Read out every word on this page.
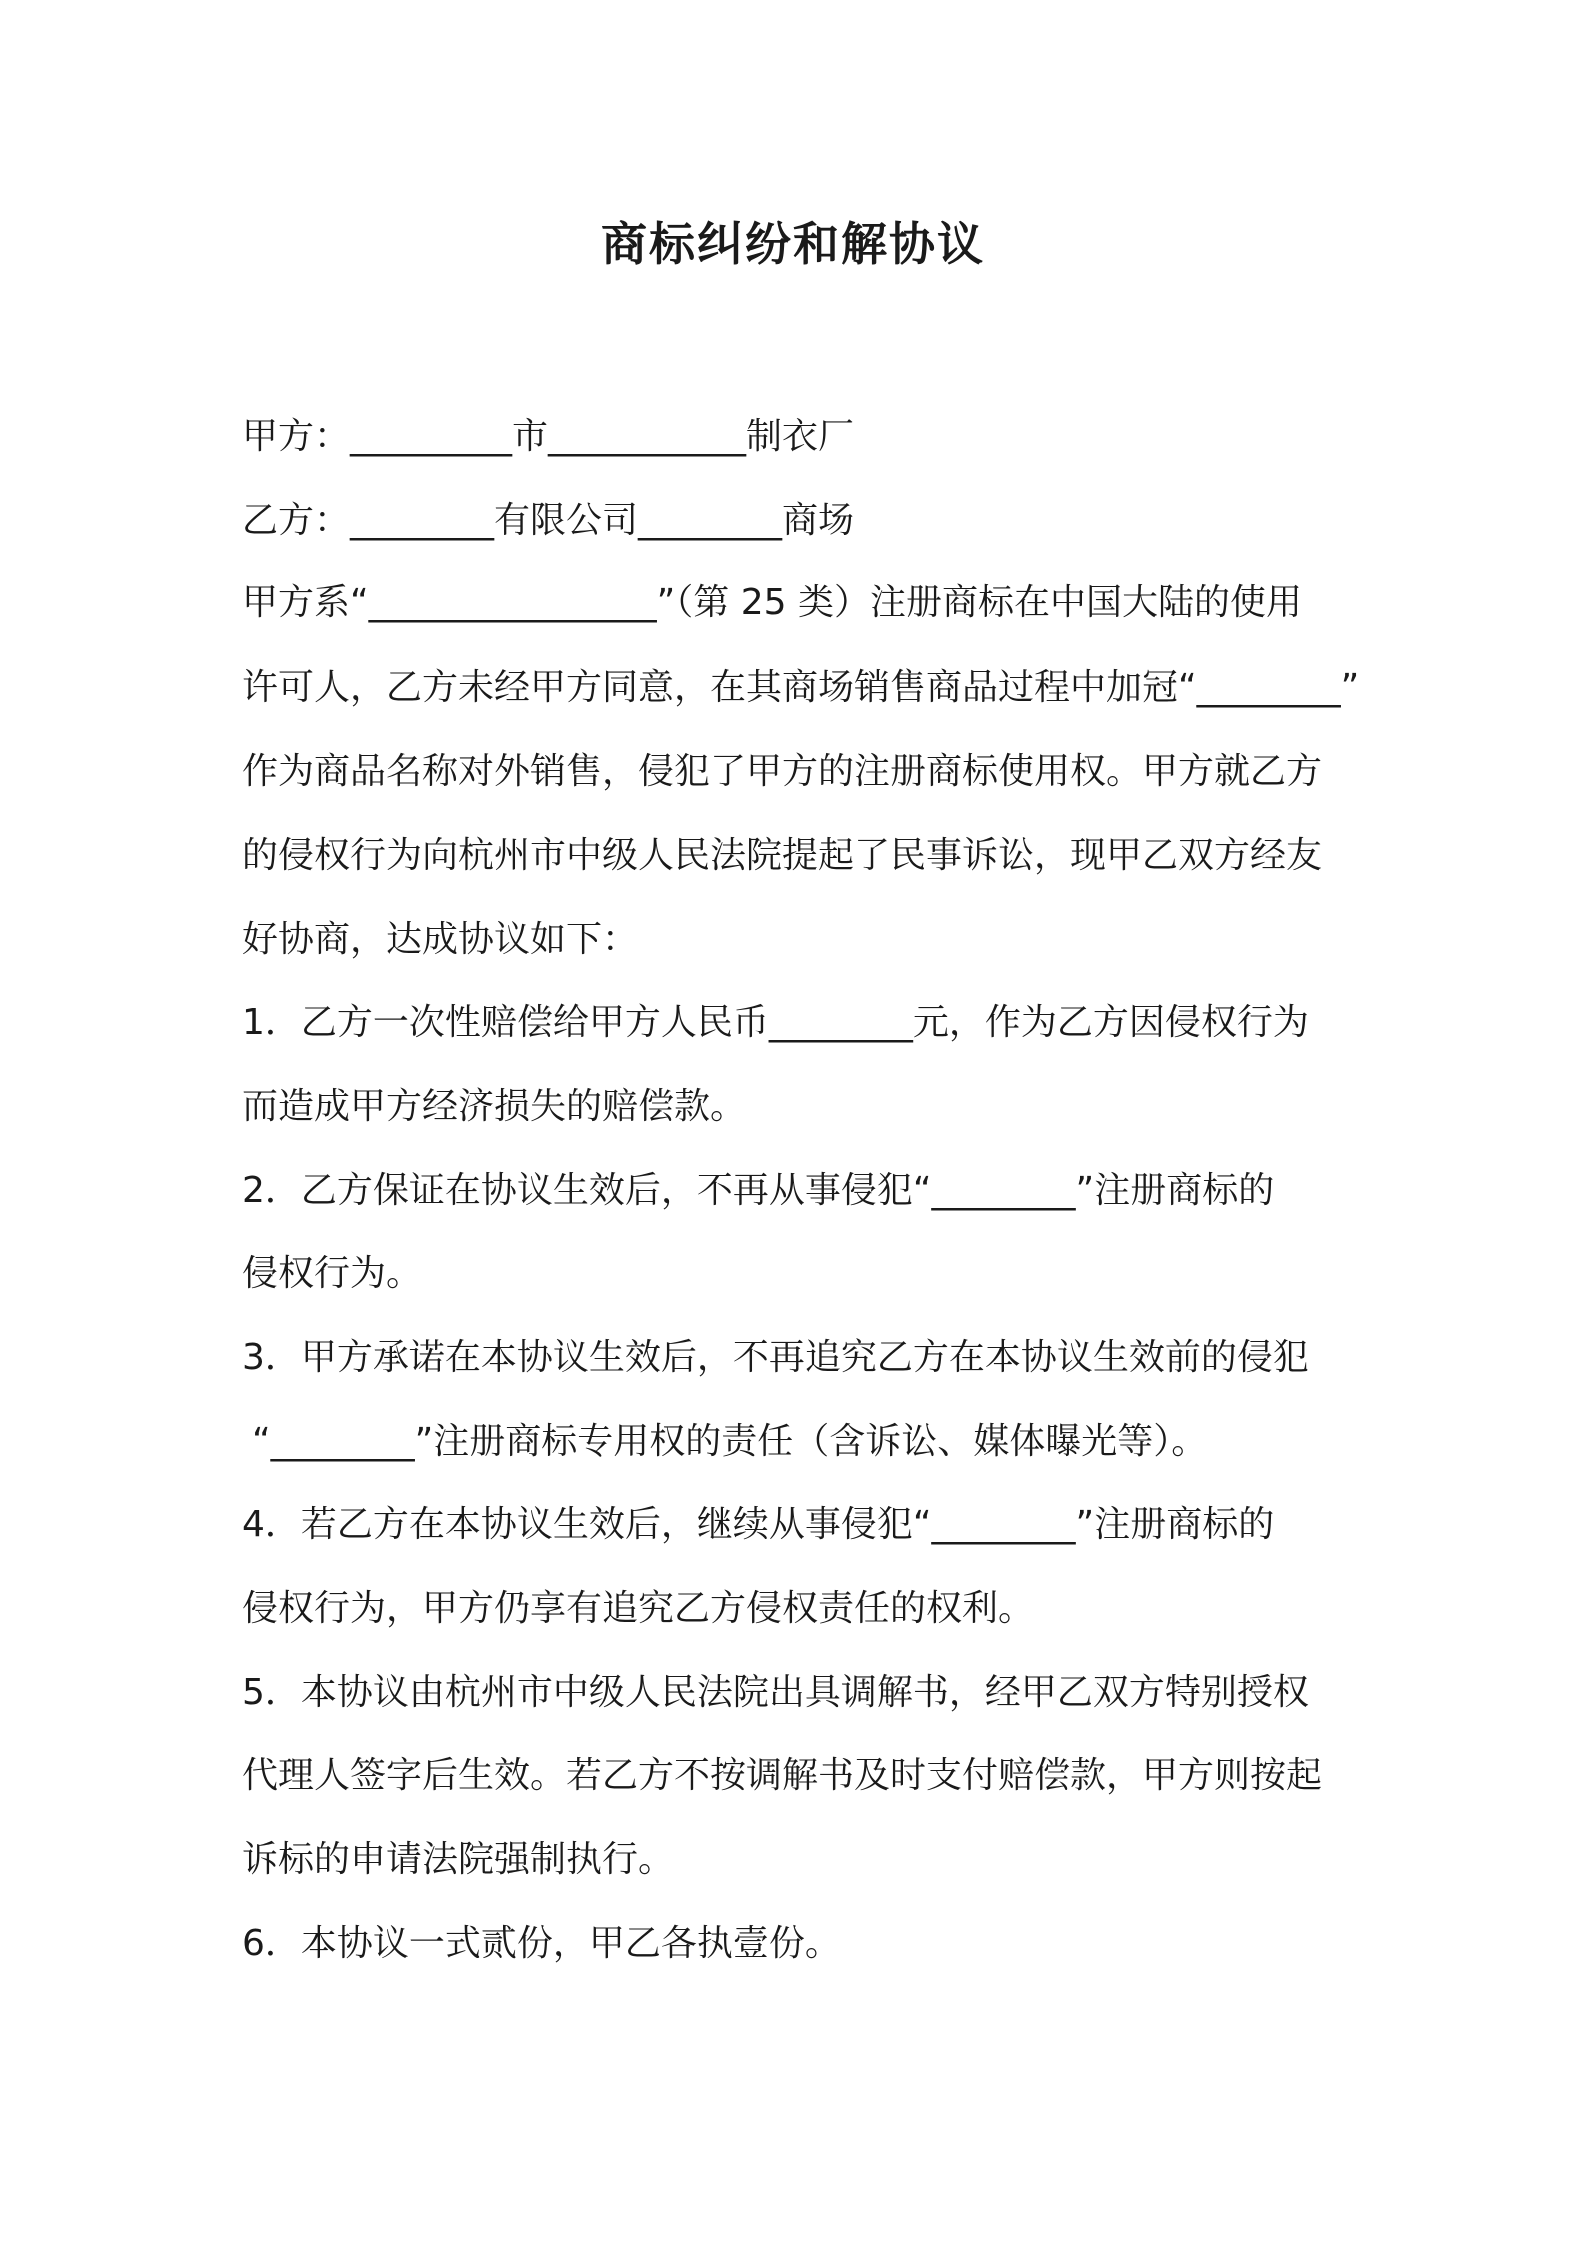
商标纠纷和解协议
甲方：_________市___________制衣厂
乙方：________有限公司________商场
甲方系“________________”（第 25 类）注册商标在中国大陆的使用
许可人，乙方未经甲方同意，在其商场销售商品过程中加冠“________”
作为商品名称对外销售，侵犯了甲方的注册商标使用权。甲方就乙方
的侵权行为向杭州市中级人民法院提起了民事诉讼，现甲乙双方经友
好协商，达成协议如下：
1．乙方一次性赔偿给甲方人民币________元，作为乙方因侵权行为
而造成甲方经济损失的赔偿款。
2．乙方保证在协议生效后，不再从事侵犯“________”注册商标的
侵权行为。
3．甲方承诺在本协议生效后，不再追究乙方在本协议生效前的侵犯
“________”注册商标专用权的责任（含诉讼、媒体曝光等）。
4．若乙方在本协议生效后，继续从事侵犯“________”注册商标的
侵权行为，甲方仍享有追究乙方侵权责任的权利。
5．本协议由杭州市中级人民法院出具调解书，经甲乙双方特别授权
代理人签字后生效。若乙方不按调解书及时支付赔偿款，甲方则按起
诉标的申请法院强制执行。
6．本协议一式贰份，甲乙各执壹份。
